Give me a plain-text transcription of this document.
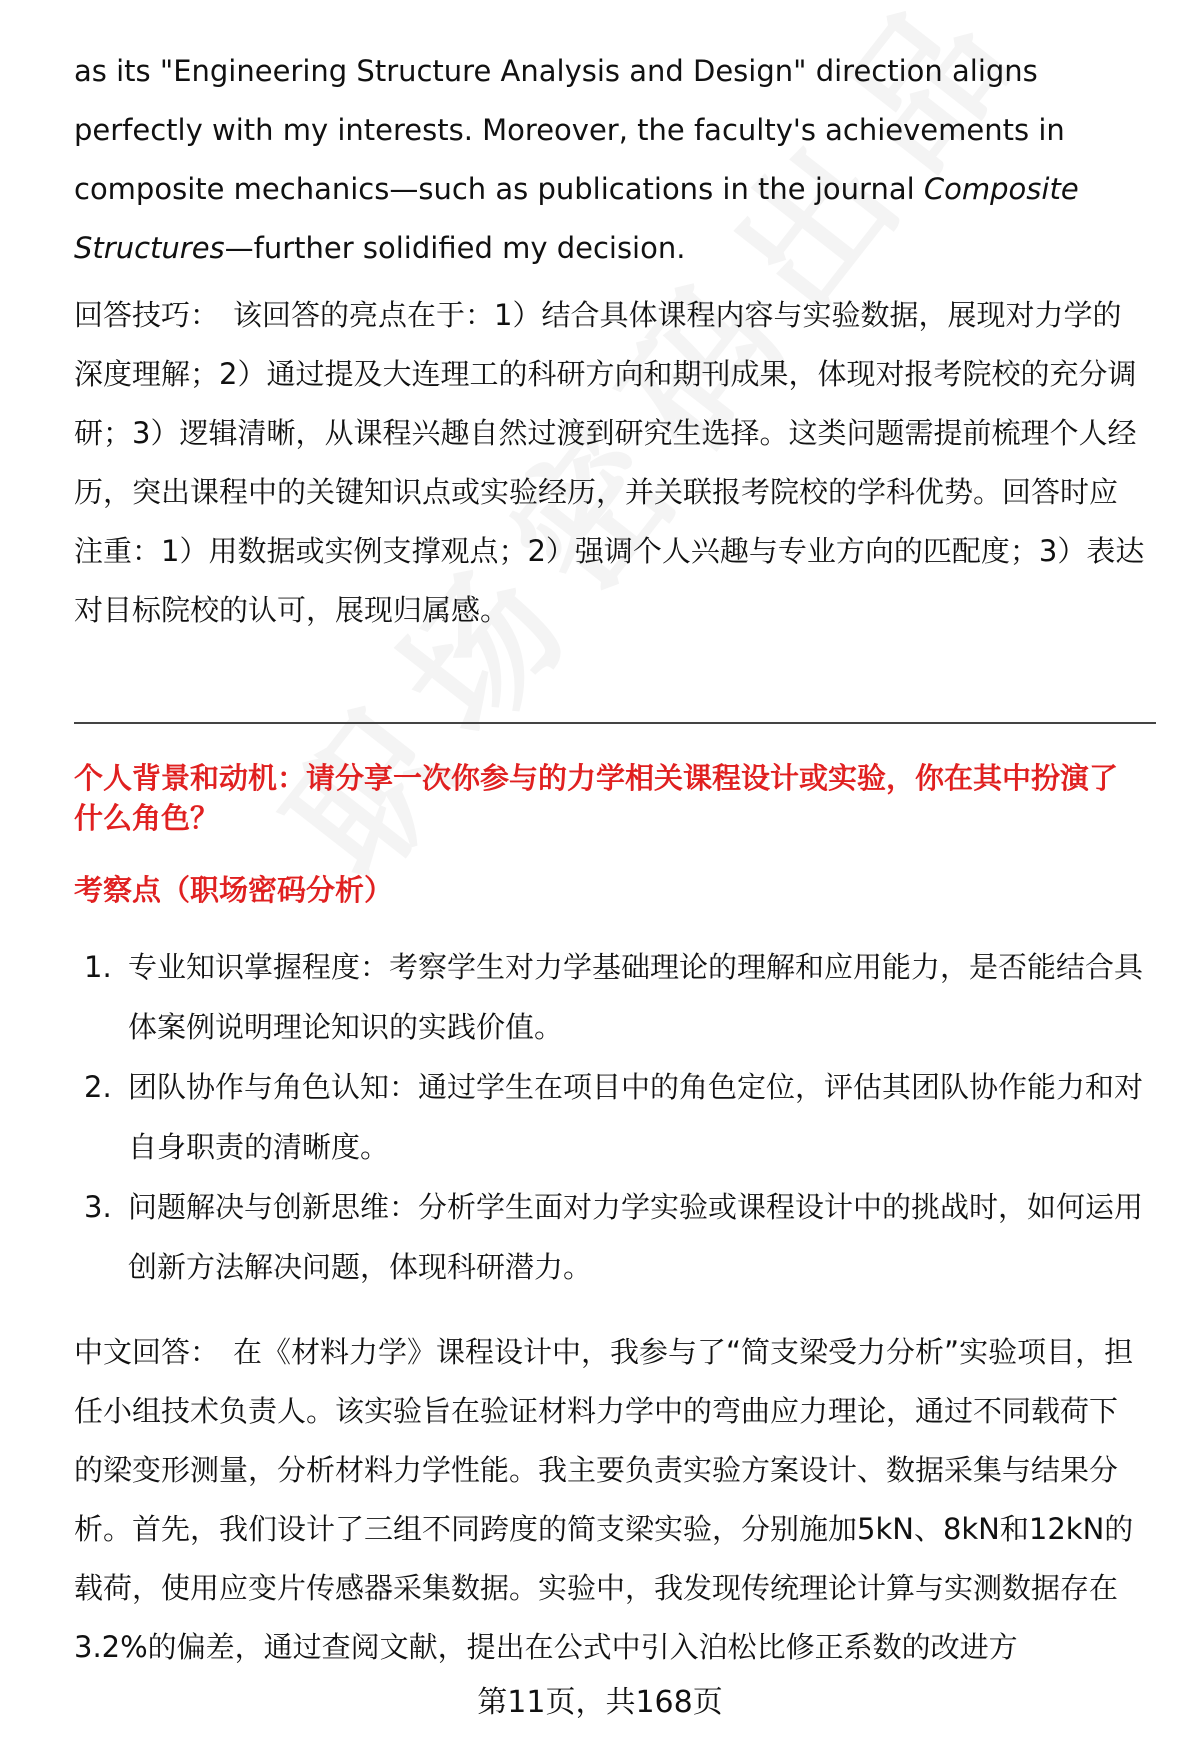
as its "Engineering Structure Analysis and Design" direction aligns perfectly with my interests. Moreover, the faculty's achievements in composite mechanics—such as publications in the journal Composite Structures—further solidified my decision.

回答技巧： 该回答的亮点在于：1）结合具体课程内容与实验数据，展现对力学的深度理解；2）通过提及大连理工的科研方向和期刊成果，体现对报考院校的充分调研；3）逻辑清晰，从课程兴趣自然过渡到研究生选择。这类问题需提前梳理个人经历，突出课程中的关键知识点或实验经历，并关联报考院校的学科优势。回答时应注重：1）用数据或实例支撑观点；2）强调个人兴趣与专业方向的匹配度；3）表达对目标院校的认可，展现归属感。

个人背景和动机：请分享一次你参与的力学相关课程设计或实验，你在其中扮演了什么角色？

考察点（职场密码分析）

1. 专业知识掌握程度：考察学生对力学基础理论的理解和应用能力，是否能结合具体案例说明理论知识的实践价值。
2. 团队协作与角色认知：通过学生在项目中的角色定位，评估其团队协作能力和对自身职责的清晰度。
3. 问题解决与创新思维：分析学生面对力学实验或课程设计中的挑战时，如何运用创新方法解决问题，体现科研潜力。

中文回答： 在《材料力学》课程设计中，我参与了“简支梁受力分析”实验项目，担任小组技术负责人。该实验旨在验证材料力学中的弯曲应力理论，通过不同载荷下的梁变形测量，分析材料力学性能。我主要负责实验方案设计、数据采集与结果分析。首先，我们设计了三组不同跨度的简支梁实验，分别施加5kN、8kN和12kN的载荷，使用应变片传感器采集数据。实验中，我发现传统理论计算与实测数据存在3.2%的偏差，通过查阅文献，提出在公式中引入泊松比修正系数的改进方

第11页，共168页
